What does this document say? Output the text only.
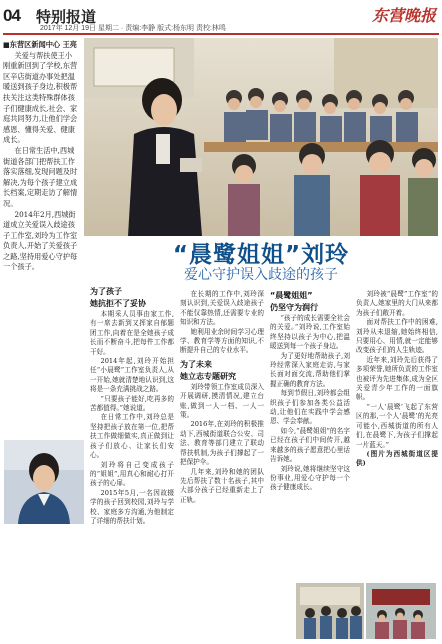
04 特别报道
2017年 12月 19日 星期二 · 责编:李静 版式:杨东明 责校:林鸣
东营晚报
■东营区新闻中心 王亮

关爱与帮扶使王小刚重新回到了学校,东营区辛店街道办事处把温暖送到孩子身边,积极帮扶关注这类特殊群体孩子们健康成长,社会、家庭共同努力,让他们学会感恩、懂得关爱、健康成长。

在日常生活中,西城街道各部门把帮扶工作落实落细,发现问题及时解决,为每个孩子建立成长档案,定期走访了解情况。

2014年2月,西城街道成立关爱误入歧途孩子工作室,刘玲为工作室负责人,开始了关爱孩子之路,坚持用爱心守护每一个孩子。	“晨鹭姐姐”刘玲
爱心守护误入歧途的孩子
为了孩子
她抗拒不了妥协

本期采人员事由家工作,有一席去新到又挥家自郁题团工作,向着在是全她孩子成长而不断奋斗,把每件工作都干好。

2014年起,刘玲开始担任“小晨鹭”工作室负责人,从一开始,她就清楚地认识到,这将是一条充满挑战之路。

“只要孩子能好,吃再多的苦都值得。”她说道。

在日常工作中,刘玲总是坚持把孩子放在第一位,把帮扶工作做细做实,真正做到让孩子们放心、让家长们安心。

刘玲将自己变成孩子的“姐姐”,用真心和耐心打开孩子的心扉。

2015年5月,一名因故辍学的孩子回到校园,刘玲与学校、家庭多方沟通,为他制定了详细的帮扶计划。

在长期的工作中,刘玲深刻认识到,关爱误入歧途孩子不能仅靠热情,还需要专业的知识和方法。

她利用业余时间学习心理学、教育学等方面的知识,不断提升自己的专业水平。

为了未来
她立志专题研究

刘玲带领工作室成员深入开展调研,摸清情况,建立台账,做到一人一档、一人一策。

2016年,在刘玲的积极推动下,西城街道联合公安、司法、教育等部门建立了联动帮扶机制,为孩子们撑起了一把保护伞。

几年来,刘玲和她的团队先后帮扶了数十名孩子,其中大部分孩子已经重新走上了正轨。

“晨鹭姐姐”
仍坚守为润行

“孩子的成长需要全社会的关爱。”刘玲说,工作室始终坚持以孩子为中心,把温暖送到每一个孩子身边。

为了更好地帮助孩子,刘玲经常深入家庭走访,与家长面对面交流,帮助他们掌握正确的教育方法。

每到节假日,刘玲都会组织孩子们参加各类公益活动,让他们在实践中学会感恩、学会奉献。

如今,“晨鹭姐姐”的名字已经在孩子们中间传开,越来越多的孩子愿意把心里话告诉她。

刘玲说,她将继续坚守这份事业,用爱心守护每一个孩子健康成长。

刘玲被“晨鹭”工作室“的负责人,她家里的大门从来都为孩子们敞开着。

面对帮扶工作中的困难,刘玲从未退缩,她始终相信,只要用心、用情,就一定能够改变孩子们的人生轨迹。

近年来,刘玲先后获得了多项荣誉,她所负责的工作室也被评为先进集体,成为全区关爱青少年工作的一面旗帜。

“一人‘晨鹭’飞起了东营区的那,一个人‘晨鹭’的光亮可能小,西城街道的所有人们,在晨鹭下,为孩子们撑起一片蓝天。”

(图片为西城街道区提供)
